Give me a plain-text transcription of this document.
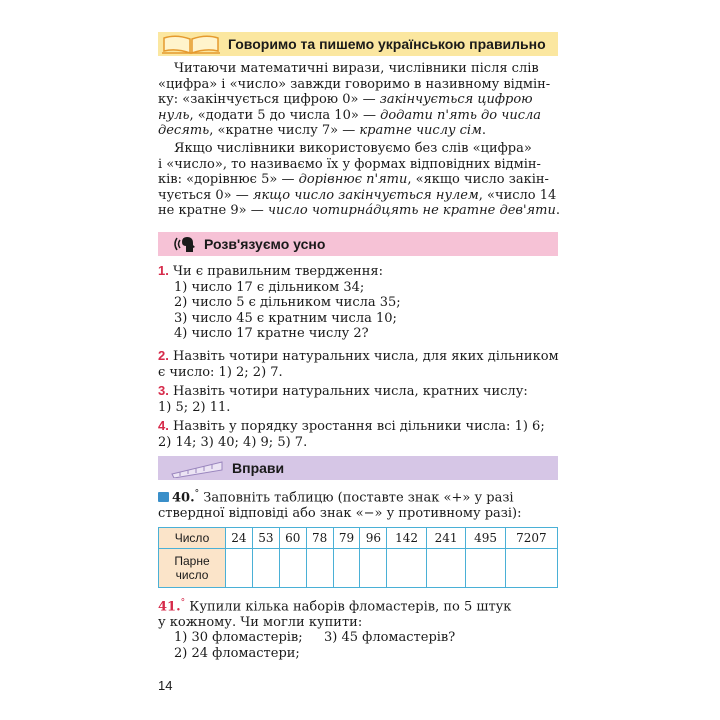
Говоримо та пишемо українською правильно
Читаючи математичні вирази, числівники після слів
«цифра» і «число» завжди говоримо в називному відмін-
ку: «закінчується цифрою 0» — закінчується цифрою
нуль, «додати 5 до числа 10» — додати п'ять до числа
десять, «кратне числу 7» — кратне числу сім.
Якщо числівники використовуємо без слів «цифра»
і «число», то називаємо їх у формах відповідних відмін-
ків: «дорівнює 5» — дорівнює п'яти, «якщо число закін-
чується 0» — якщо число закінчується нулем, «число 14
не кратне 9» — число чотирнáдцять не кратне дев'яти.
Розв'язуємо усно
1. Чи є правильним твердження:
1) число 17 є дільником 34;
2) число 5 є дільником числа 35;
3) число 45 є кратним числа 10;
4) число 17 кратне числу 2?
2. Назвіть чотири натуральних числа, для яких дільником
є число: 1) 2; 2) 7.
3. Назвіть чотири натуральних числа, кратних числу:
1) 5; 2) 11.
4. Назвіть у порядку зростання всі дільники числа: 1) 6;
2) 14; 3) 40; 4) 9; 5) 7.
Вправи
40.° Заповніть таблицю (поставте знак «+» у разі
ствердної відповіді або знак «−» у противному разі):
Число	24	53	60	78	79	96	142	241	495	7207
Парне
число										
41.° Купили кілька наборів фломастерів, по 5 штук
у кожному. Чи могли купити:
1) 30 фломастерів; 3) 45 фломастерів?
2) 24 фломастери;
14
